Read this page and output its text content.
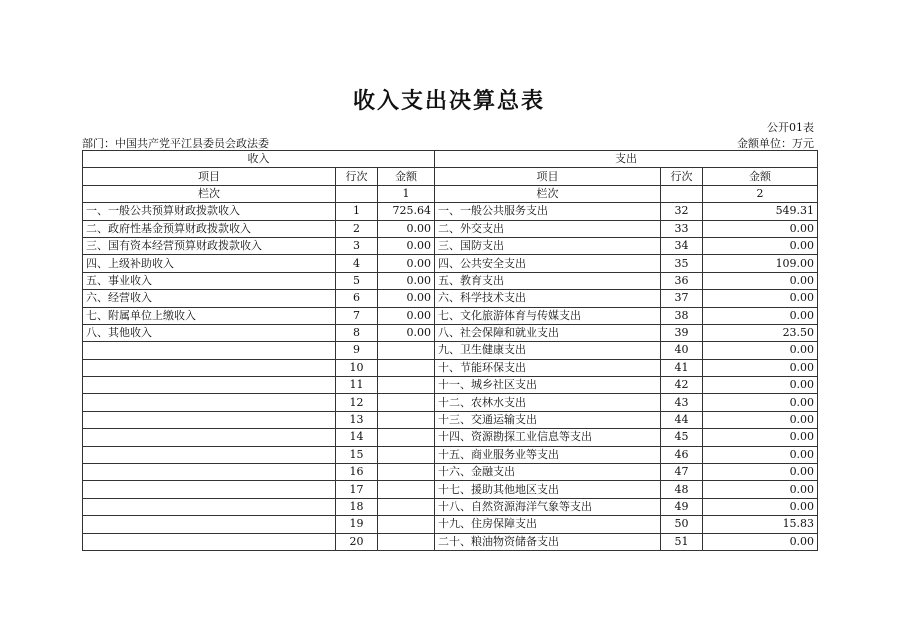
收入支出决算总表
公开01表
部门：中国共产党平江县委员会政法委	金额单位：万元
收入			支出		
项目	行次	金额	项目	行次	金额
栏次		1	栏次		2
一、一般公共预算财政拨款收入	1	725.64	一、一般公共服务支出	32	549.31
二、政府性基金预算财政拨款收入	2	0.00	二、外交支出	33	0.00
三、国有资本经营预算财政拨款收入	3	0.00	三、国防支出	34	0.00
四、上级补助收入	4	0.00	四、公共安全支出	35	109.00
五、事业收入	5	0.00	五、教育支出	36	0.00
六、经营收入	6	0.00	六、科学技术支出	37	0.00
七、附属单位上缴收入	7	0.00	七、文化旅游体育与传媒支出	38	0.00
八、其他收入	8	0.00	八、社会保障和就业支出	39	23.50
	9		九、卫生健康支出	40	0.00
	10		十、节能环保支出	41	0.00
	11		十一、城乡社区支出	42	0.00
	12		十二、农林水支出	43	0.00
	13		十三、交通运输支出	44	0.00
	14		十四、资源勘探工业信息等支出	45	0.00
	15		十五、商业服务业等支出	46	0.00
	16		十六、金融支出	47	0.00
	17		十七、援助其他地区支出	48	0.00
	18		十八、自然资源海洋气象等支出	49	0.00
	19		十九、住房保障支出	50	15.83
	20		二十、粮油物资储备支出	51	0.00
